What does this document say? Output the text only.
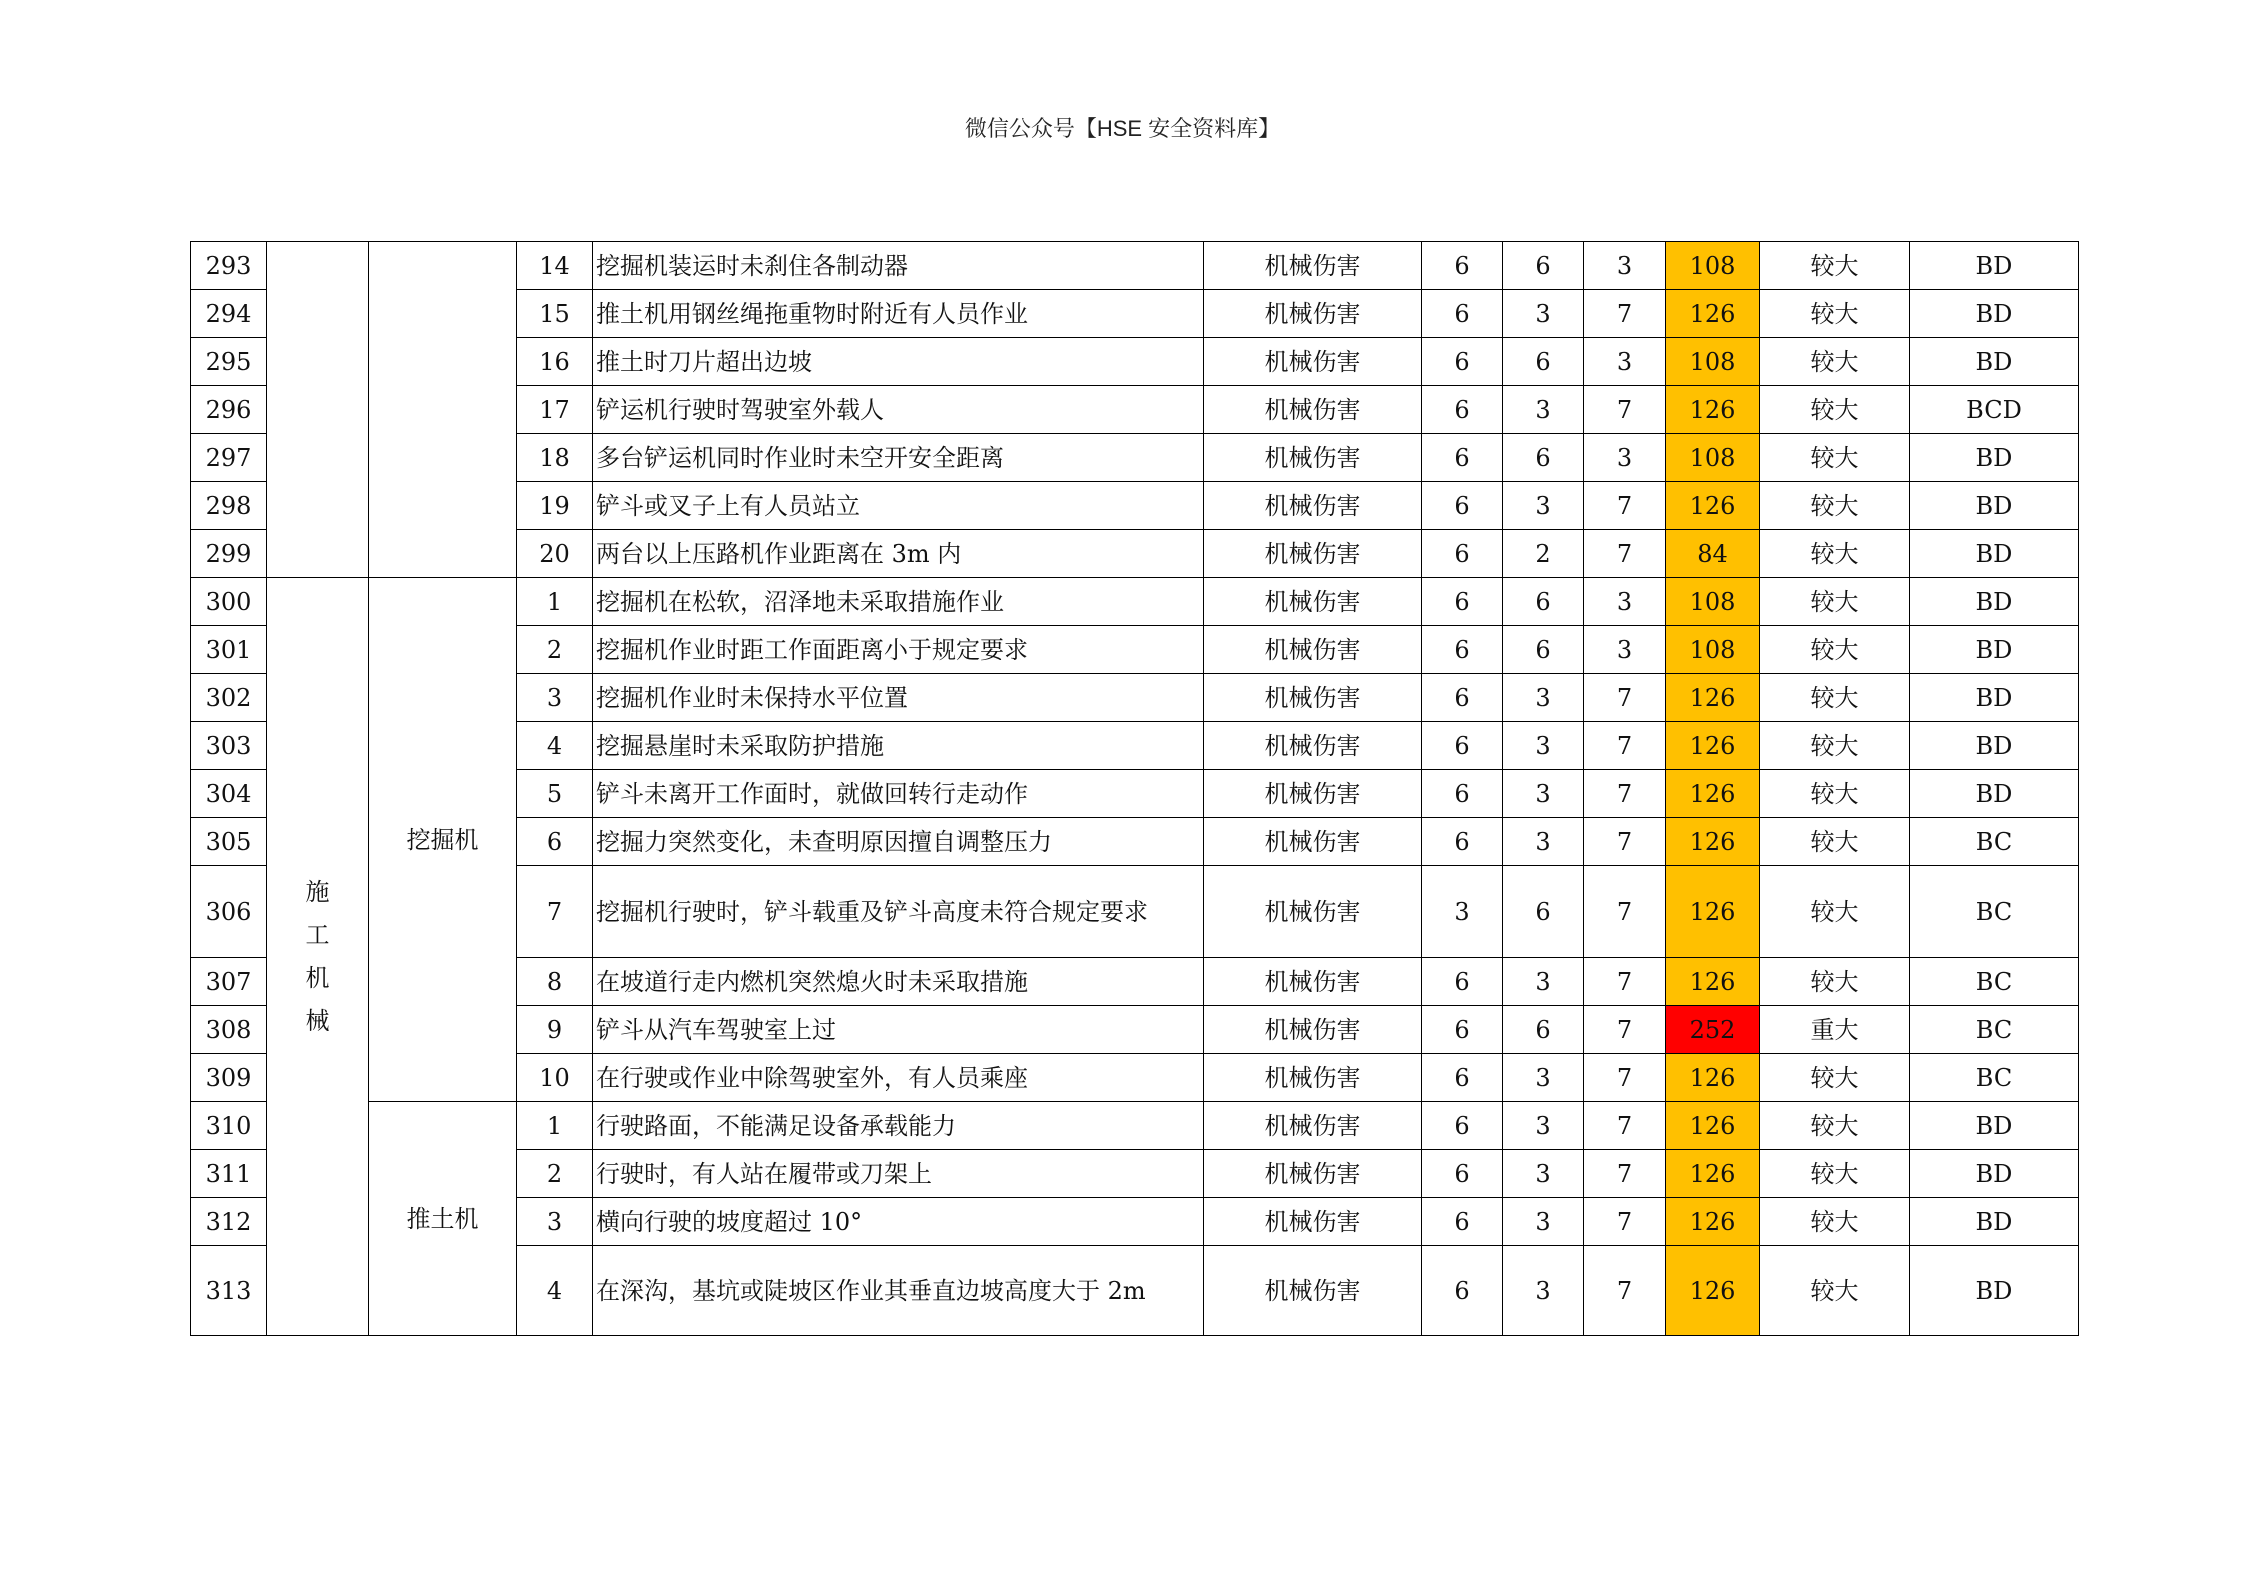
微信公众号【HSE 安全资料库】
293			14	挖掘机装运时未刹住各制动器	机械伤害	6	6	3	108	较大	BD
294			15	推土机用钢丝绳拖重物时附近有人员作业	机械伤害	6	3	7	126	较大	BD
295			16	推土时刀片超出边坡	机械伤害	6	6	3	108	较大	BD
296			17	铲运机行驶时驾驶室外载人	机械伤害	6	3	7	126	较大	BCD
297			18	多台铲运机同时作业时未空开安全距离	机械伤害	6	6	3	108	较大	BD
298			19	铲斗或叉子上有人员站立	机械伤害	6	3	7	126	较大	BD
299			20	两台以上压路机作业距离在 3m 内	机械伤害	6	2	7	84	较大	BD
300	施
工
机
械	挖掘机	1	挖掘机在松软，沼泽地未采取措施作业	机械伤害	6	6	3	108	较大	BD
301			2	挖掘机作业时距工作面距离小于规定要求	机械伤害	6	6	3	108	较大	BD
302			3	挖掘机作业时未保持水平位置	机械伤害	6	3	7	126	较大	BD
303			4	挖掘悬崖时未采取防护措施	机械伤害	6	3	7	126	较大	BD
304			5	铲斗未离开工作面时，就做回转行走动作	机械伤害	6	3	7	126	较大	BD
305			6	挖掘力突然变化，未查明原因擅自调整压力	机械伤害	6	3	7	126	较大	BC
306			7	挖掘机行驶时，铲斗载重及铲斗高度未符合规定要求	机械伤害	3	6	7	126	较大	BC
307			8	在坡道行走内燃机突然熄火时未采取措施	机械伤害	6	3	7	126	较大	BC
308			9	铲斗从汽车驾驶室上过	机械伤害	6	6	7	252	重大	BC
309			10	在行驶或作业中除驾驶室外，有人员乘座	机械伤害	6	3	7	126	较大	BC
310		推土机	1	行驶路面，不能满足设备承载能力	机械伤害	6	3	7	126	较大	BD
311			2	行驶时，有人站在履带或刀架上	机械伤害	6	3	7	126	较大	BD
312			3	横向行驶的坡度超过 10°	机械伤害	6	3	7	126	较大	BD
313			4	在深沟，基坑或陡坡区作业其垂直边坡高度大于 2m	机械伤害	6	3	7	126	较大	BD
